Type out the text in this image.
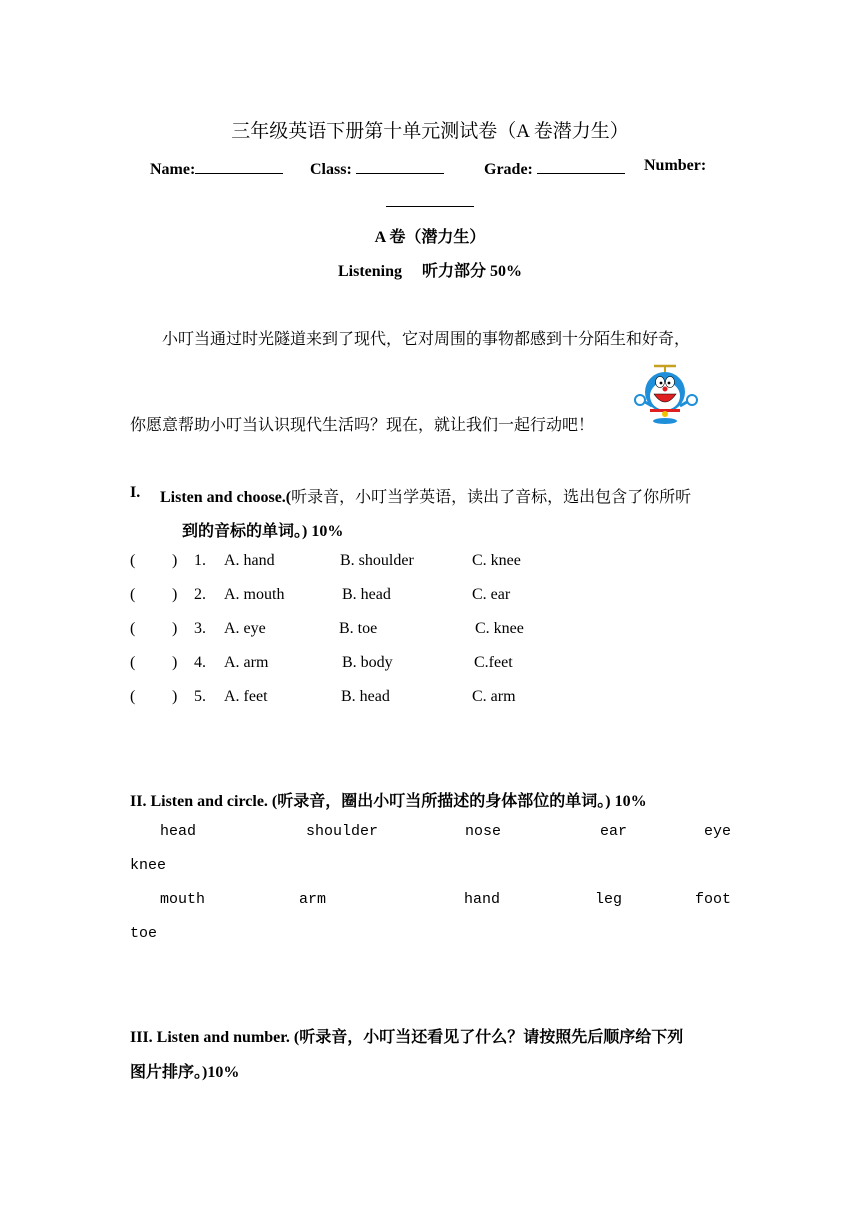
三年级英语下册第十单元测试卷（A 卷潜力生）
Name:	Class:	Grade:	Number:
A 卷（潜力生）
Listening 听力部分 50%
小叮当通过时光隧道来到了现代，它对周围的事物都感到十分陌生和好奇，
你愿意帮助小叮当认识现代生活吗？现在，就让我们一起行动吧！
I. Listen and choose.(听录音，小叮当学英语，读出了音标，选出包含了你所听
到的音标的单词。) 10%
( ) 1. A. hand	B. shoulder	C. knee
( ) 2. A. mouth	B. head	C. ear
( ) 3. A. eye	B. toe	C. knee
( ) 4. A. arm	B. body	C.feet
( ) 5. A. feet	B. head	C. arm
II. Listen and circle. (听录音，圈出小叮当所描述的身体部位的单词。) 10%
head	shoulder	nose	ear	eye
knee
mouth	arm	hand	leg	foot
toe
III. Listen and number. (听录音，小叮当还看见了什么？请按照先后顺序给下列
图片排序。)10%
